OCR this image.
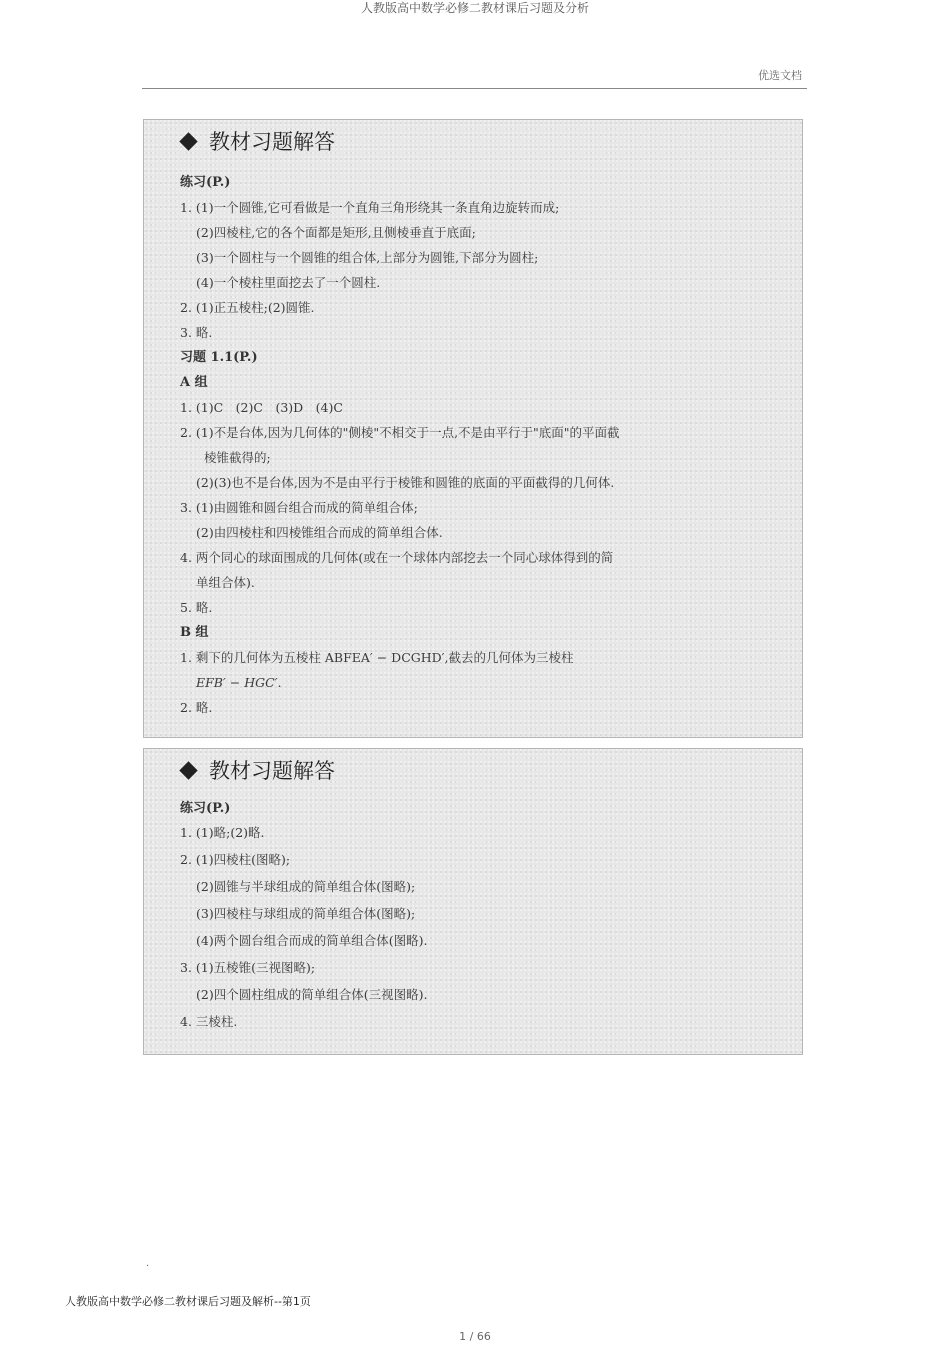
人教版高中数学必修二教材课后习题及分析
优选文档
教材习题解答
练习(P.)
1. (1)一个圆锥,它可看做是一个直角三角形绕其一条直角边旋转而成;
(2)四棱柱,它的各个面都是矩形,且侧棱垂直于底面;
(3)一个圆柱与一个圆锥的组合体,上部分为圆锥,下部分为圆柱;
(4)一个棱柱里面挖去了一个圆柱.
2. (1)正五棱柱;(2)圆锥.
3. 略.
习题 1.1(P.)
A 组
1. (1)C　(2)C　(3)D　(4)C
2. (1)不是台体,因为几何体的"侧棱"不相交于一点,不是由平行于"底面"的平面截
棱锥截得的;
(2)(3)也不是台体,因为不是由平行于棱锥和圆锥的底面的平面截得的几何体.
3. (1)由圆锥和圆台组合而成的简单组合体;
(2)由四棱柱和四棱锥组合而成的简单组合体.
4. 两个同心的球面围成的几何体(或在一个球体内部挖去一个同心球体得到的简
单组合体).
5. 略.
B 组
1. 剩下的几何体为五棱柱 ABFEA′ − DCGHD′,截去的几何体为三棱柱
EFB′ − HGC′.
2. 略.
教材习题解答
练习(P.)
1. (1)略;(2)略.
2. (1)四棱柱(图略);
(2)圆锥与半球组成的简单组合体(图略);
(3)四棱柱与球组成的简单组合体(图略);
(4)两个圆台组合而成的简单组合体(图略).
3. (1)五棱锥(三视图略);
(2)四个圆柱组成的简单组合体(三视图略).
4. 三棱柱.
.
人教版高中数学必修二教材课后习题及解析--第1页
1 / 66
